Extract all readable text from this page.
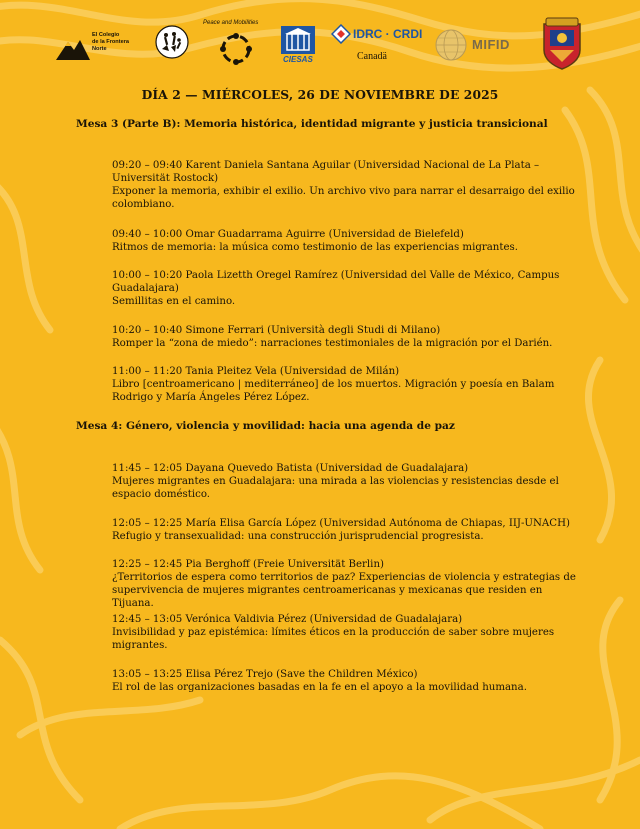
El Colegio
de la Frontera
Norte
Peace and Mobilities
CIESAS
IDRC · CRDI
Canadä
MIFID
DÍA 2 — MIÉRCOLES, 26 DE NOVIEMBRE DE 2025
Mesa 3 (Parte B): Memoria histórica, identidad migrante y justicia transicional
09:20 – 09:40 Karent Daniela Santana Aguilar (Universidad Nacional de La Plata – Universität Rostock)
Exponer la memoria, exhibir el exilio. Un archivo vivo para narrar el desarraigo del exilio colombiano.
09:40 – 10:00 Omar Guadarrama Aguirre (Universidad de Bielefeld)
Ritmos de memoria: la música como testimonio de las experiencias migrantes.
10:00 – 10:20 Paola Lizetth Oregel Ramírez (Universidad del Valle de México, Campus Guadalajara)
Semillitas en el camino.
10:20 – 10:40 Simone Ferrari (Università degli Studi di Milano)
Romper la “zona de miedo”: narraciones testimoniales de la migración por el Darién.
11:00 – 11:20 Tania Pleitez Vela (Universidad de Milán)
Libro [centroamericano | mediterráneo] de los muertos. Migración y poesía en Balam Rodrigo y María Ángeles Pérez López.
Mesa 4: Género, violencia y movilidad: hacia una agenda de paz
11:45 – 12:05 Dayana Quevedo Batista (Universidad de Guadalajara)
Mujeres migrantes en Guadalajara: una mirada a las violencias y resistencias desde el espacio doméstico.
12:05 – 12:25 María Elisa García López (Universidad Autónoma de Chiapas, IIJ-UNACH)
Refugio y transexualidad: una construcción jurisprudencial progresista.
12:25 – 12:45 Pia Berghoff (Freie Universität Berlin)
¿Territorios de espera como territorios de paz? Experiencias de violencia y estrategias de supervivencia de mujeres migrantes centroamericanas y mexicanas que residen en Tijuana.
12:45 – 13:05 Verónica Valdivia Pérez (Universidad de Guadalajara)
Invisibilidad y paz epistémica: límites éticos en la producción de saber sobre mujeres migrantes.
13:05 – 13:25 Elisa Pérez Trejo (Save the Children México)
El rol de las organizaciones basadas en la fe en el apoyo a la movilidad humana.
